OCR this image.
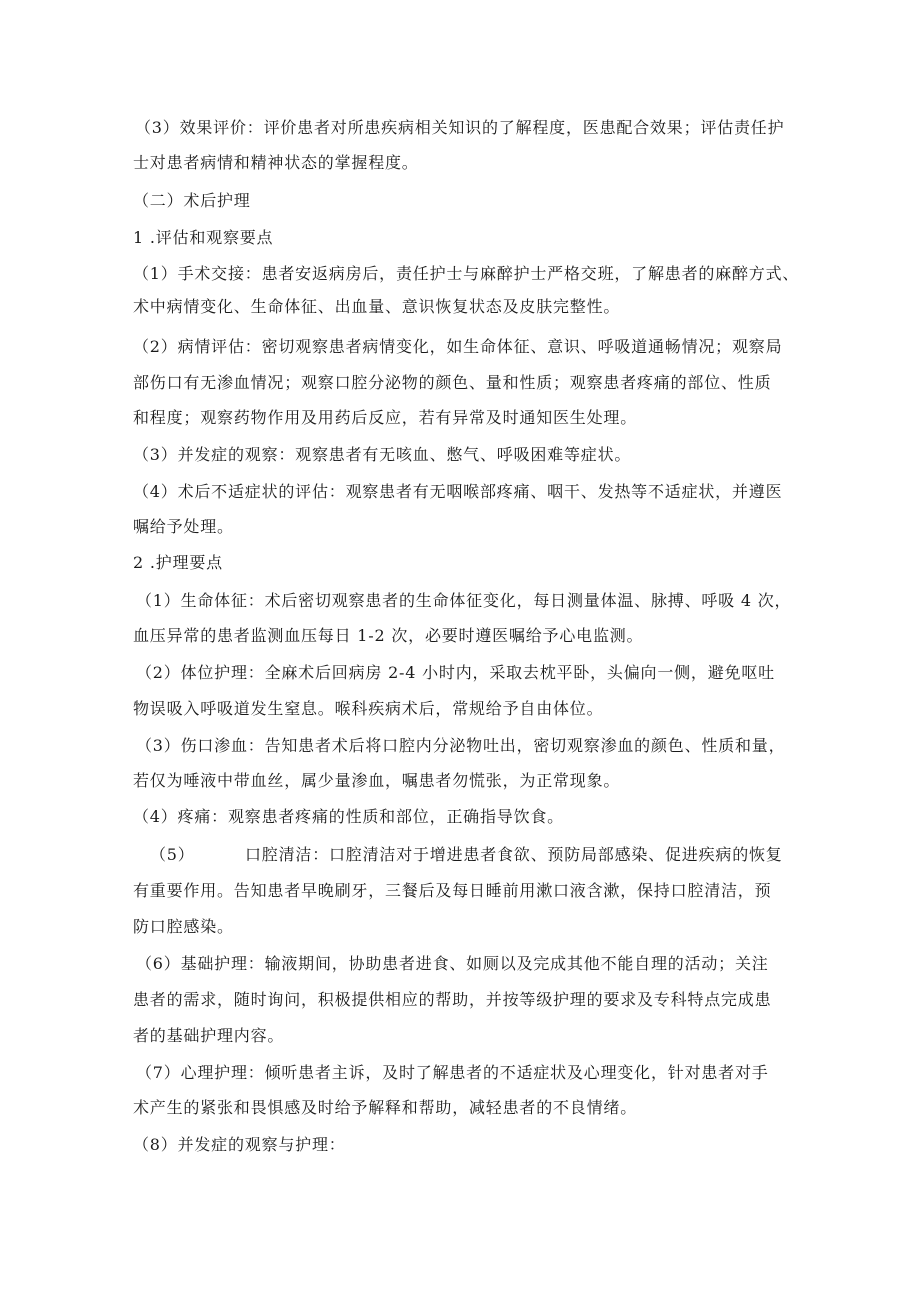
（3）效果评价：评价患者对所患疾病相关知识的了解程度，医患配合效果；评估责任护
士对患者病情和精神状态的掌握程度。
（二）术后护理
1 .评估和观察要点
（1）手术交接：患者安返病房后，责任护士与麻醉护士严格交班，了解患者的麻醉方式、
术中病情变化、生命体征、出血量、意识恢复状态及皮肤完整性。
（2）病情评估：密切观察患者病情变化，如生命体征、意识、呼吸道通畅情况；观察局
部伤口有无渗血情况；观察口腔分泌物的颜色、量和性质；观察患者疼痛的部位、性质
和程度；观察药物作用及用药后反应，若有异常及时通知医生处理。
（3）并发症的观察：观察患者有无咳血、憋气、呼吸困难等症状。
（4）术后不适症状的评估：观察患者有无咽喉部疼痛、咽干、发热等不适症状，并遵医
嘱给予处理。
2 .护理要点
（1）生命体征：术后密切观察患者的生命体征变化，每日测量体温、脉搏、呼吸 4 次，
血压异常的患者监测血压每日 1-2 次，必要时遵医嘱给予心电监测。
（2）体位护理：全麻术后回病房 2-4 小时内，采取去枕平卧，头偏向一侧，避免呕吐
物误吸入呼吸道发生窒息。喉科疾病术后，常规给予自由体位。
（3）伤口渗血：告知患者术后将口腔内分泌物吐出，密切观察渗血的颜色、性质和量，
若仅为唾液中带血丝，属少量渗血，嘱患者勿慌张，为正常现象。
（4）疼痛：观察患者疼痛的性质和部位，正确指导饮食。
（5）	口腔清洁：口腔清洁对于增进患者食欲、预防局部感染、促进疾病的恢复
有重要作用。告知患者早晚刷牙，三餐后及每日睡前用漱口液含漱，保持口腔清洁，预
防口腔感染。
（6）基础护理：输液期间，协助患者进食、如厕以及完成其他不能自理的活动；关注
患者的需求，随时询问，积极提供相应的帮助，并按等级护理的要求及专科特点完成患
者的基础护理内容。
（7）心理护理：倾听患者主诉，及时了解患者的不适症状及心理变化，针对患者对手
术产生的紧张和畏惧感及时给予解释和帮助，减轻患者的不良情绪。
（8）并发症的观察与护理：
